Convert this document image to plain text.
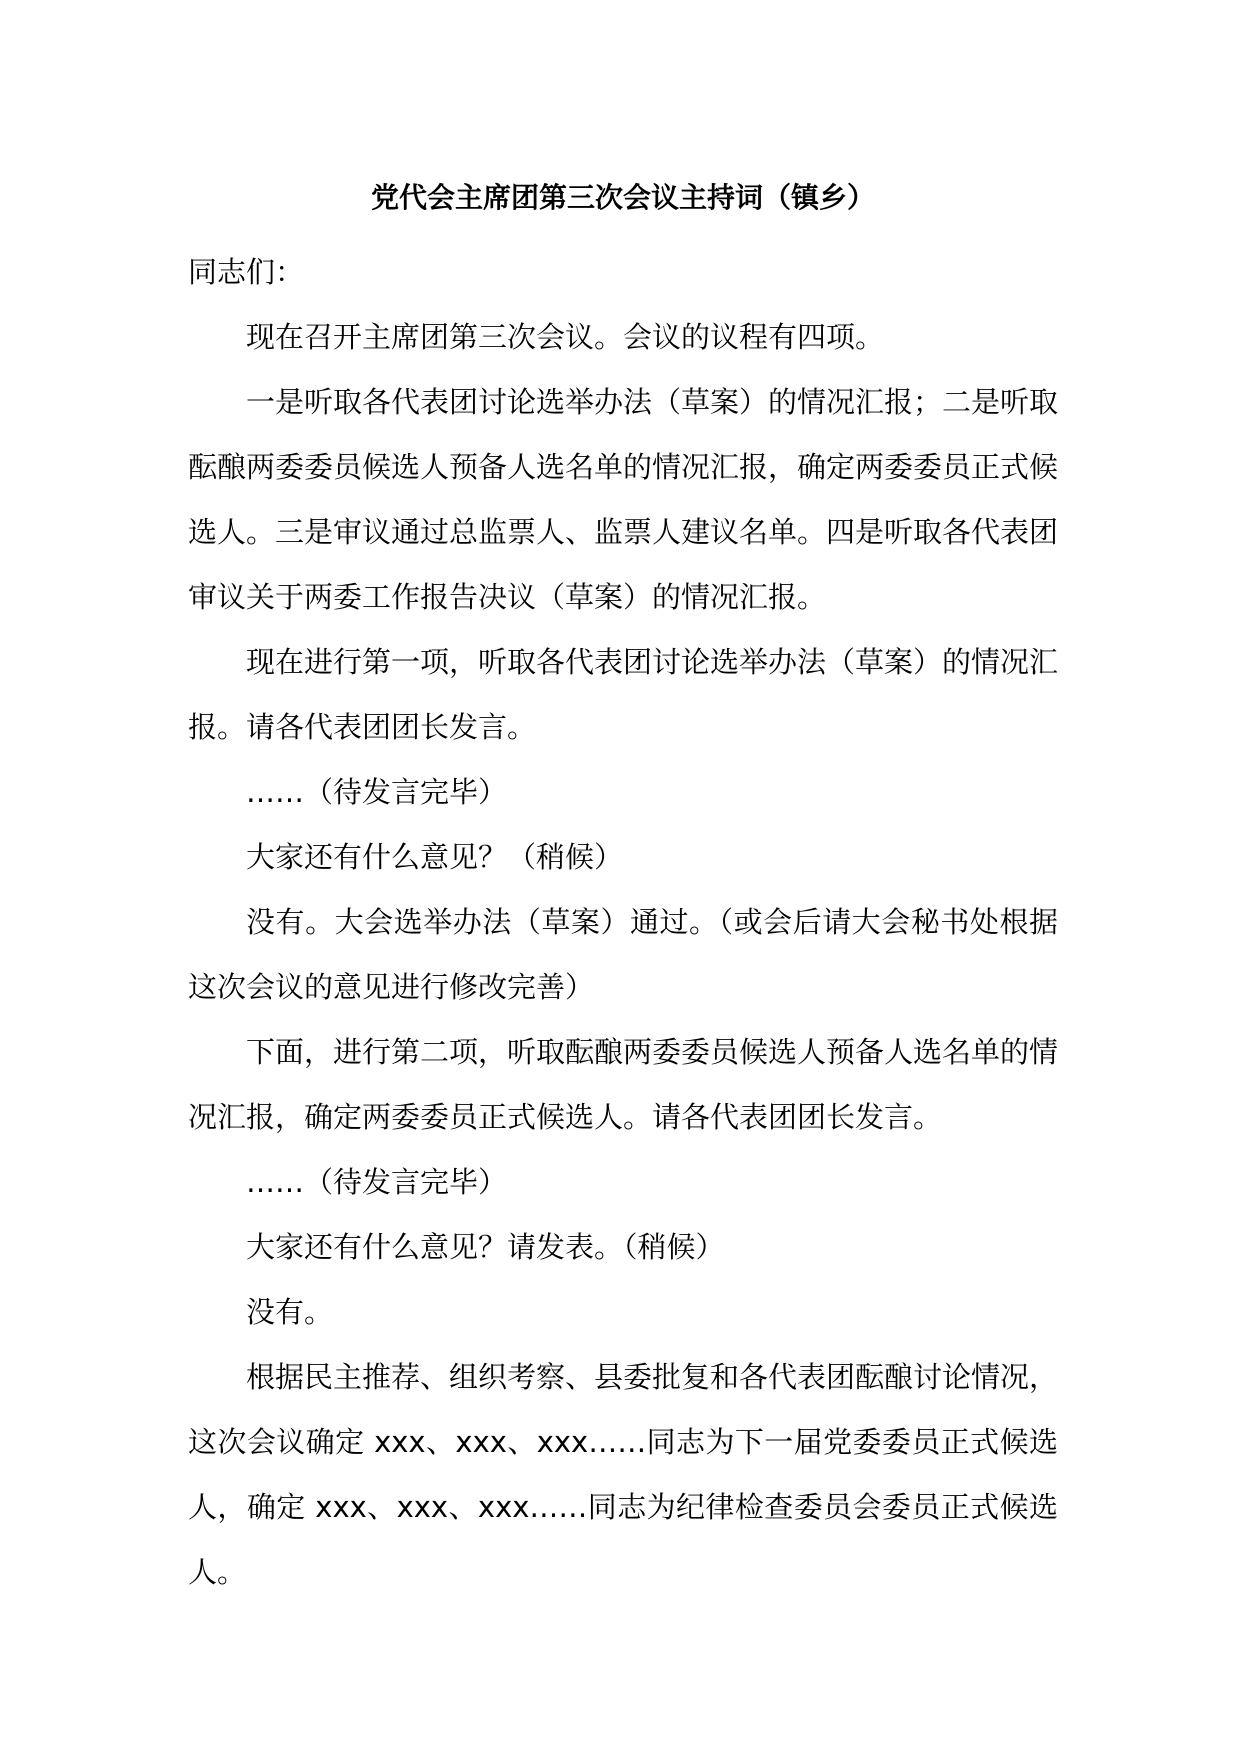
党代会主席团第三次会议主持词（镇乡）

同志们：

现在召开主席团第三次会议。会议的议程有四项。

一是听取各代表团讨论选举办法（草案）的情况汇报；二是听取酝酿两委委员候选人预备人选名单的情况汇报，确定两委委员正式候选人。三是审议通过总监票人、监票人建议名单。四是听取各代表团审议关于两委工作报告决议（草案）的情况汇报。

现在进行第一项，听取各代表团讨论选举办法（草案）的情况汇报。请各代表团团长发言。

……（待发言完毕）

大家还有什么意见？（稍候）

没有。大会选举办法（草案）通过。（或会后请大会秘书处根据这次会议的意见进行修改完善）

下面，进行第二项，听取酝酿两委委员候选人预备人选名单的情况汇报，确定两委委员正式候选人。请各代表团团长发言。

……（待发言完毕）

大家还有什么意见？请发表。（稍候）

没有。

根据民主推荐、组织考察、县委批复和各代表团酝酿讨论情况，这次会议确定 xxx、xxx、xxx……同志为下一届党委委员正式候选人，确定 xxx、xxx、xxx……同志为纪律检查委员会委员正式候选人。
